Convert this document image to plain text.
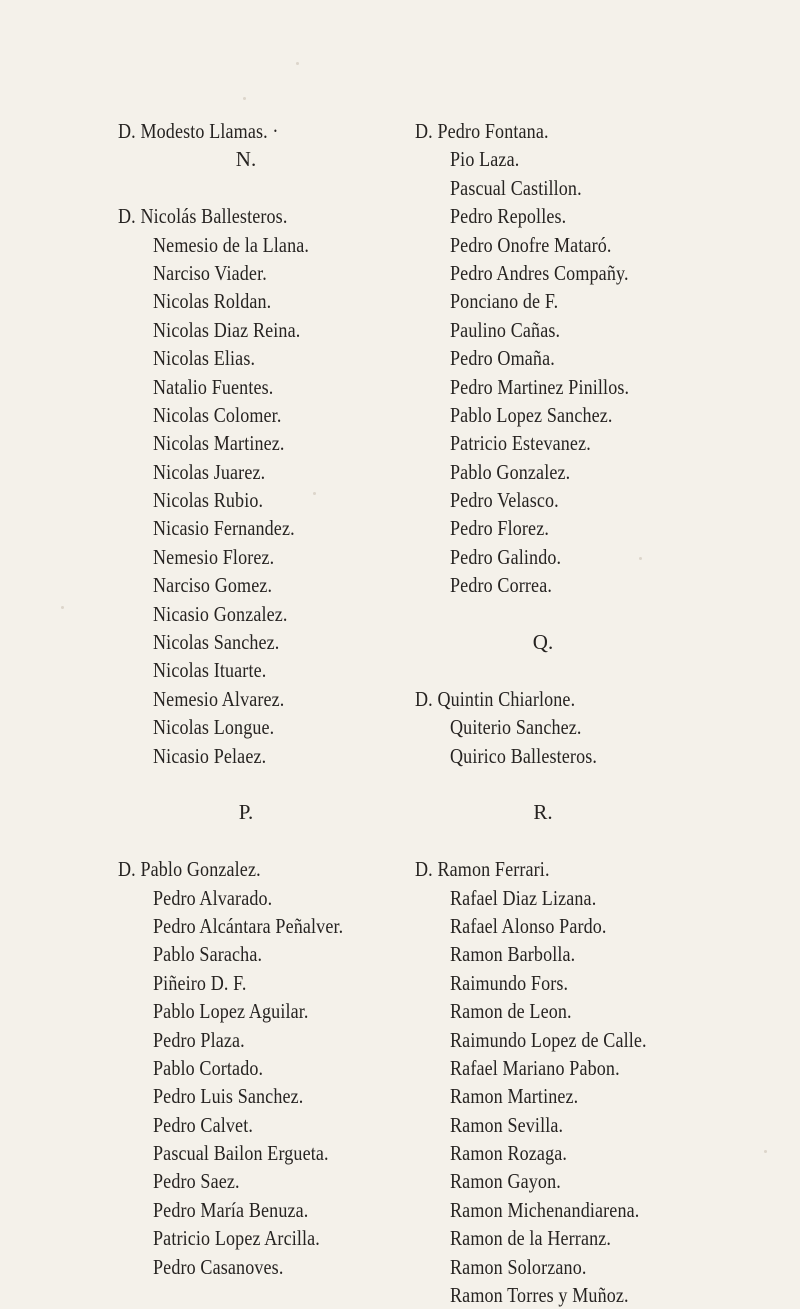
D. Modesto Llamas. ·
N.
D. Nicolás Ballesteros.
Nemesio de la Llana.
Narciso Viader.
Nicolas Roldan.
Nicolas Diaz Reina.
Nicolas Elias.
Natalio Fuentes.
Nicolas Colomer.
Nicolas Martinez.
Nicolas Juarez.
Nicolas Rubio.
Nicasio Fernandez.
Nemesio Florez.
Narciso Gomez.
Nicasio Gonzalez.
Nicolas Sanchez.
Nicolas Ituarte.
Nemesio Alvarez.
Nicolas Longue.
Nicasio Pelaez.
P.
D. Pablo Gonzalez.
Pedro Alvarado.
Pedro Alcántara Peñalver.
Pablo Saracha.
Piñeiro D. F.
Pablo Lopez Aguilar.
Pedro Plaza.
Pablo Cortado.
Pedro Luis Sanchez.
Pedro Calvet.
Pascual Bailon Ergueta.
Pedro Saez.
Pedro María Benuza.
Patricio Lopez Arcilla.
Pedro Casanoves.
D. Pedro Fontana.
Pio Laza.
Pascual Castillon.
Pedro Repolles.
Pedro Onofre Mataró.
Pedro Andres Compañy.
Ponciano de F.
Paulino Cañas.
Pedro Omaña.
Pedro Martinez Pinillos.
Pablo Lopez Sanchez.
Patricio Estevanez.
Pablo Gonzalez.
Pedro Velasco.
Pedro Florez.
Pedro Galindo.
Pedro Correa.
Q.
D. Quintin Chiarlone.
Quiterio Sanchez.
Quirico Ballesteros.
R.
D. Ramon Ferrari.
Rafael Diaz Lizana.
Rafael Alonso Pardo.
Ramon Barbolla.
Raimundo Fors.
Ramon de Leon.
Raimundo Lopez de Calle.
Rafael Mariano Pabon.
Ramon Martinez.
Ramon Sevilla.
Ramon Rozaga.
Ramon Gayon.
Ramon Michenandiarena.
Ramon de la Herranz.
Ramon Solorzano.
Ramon Torres y Muñoz.
